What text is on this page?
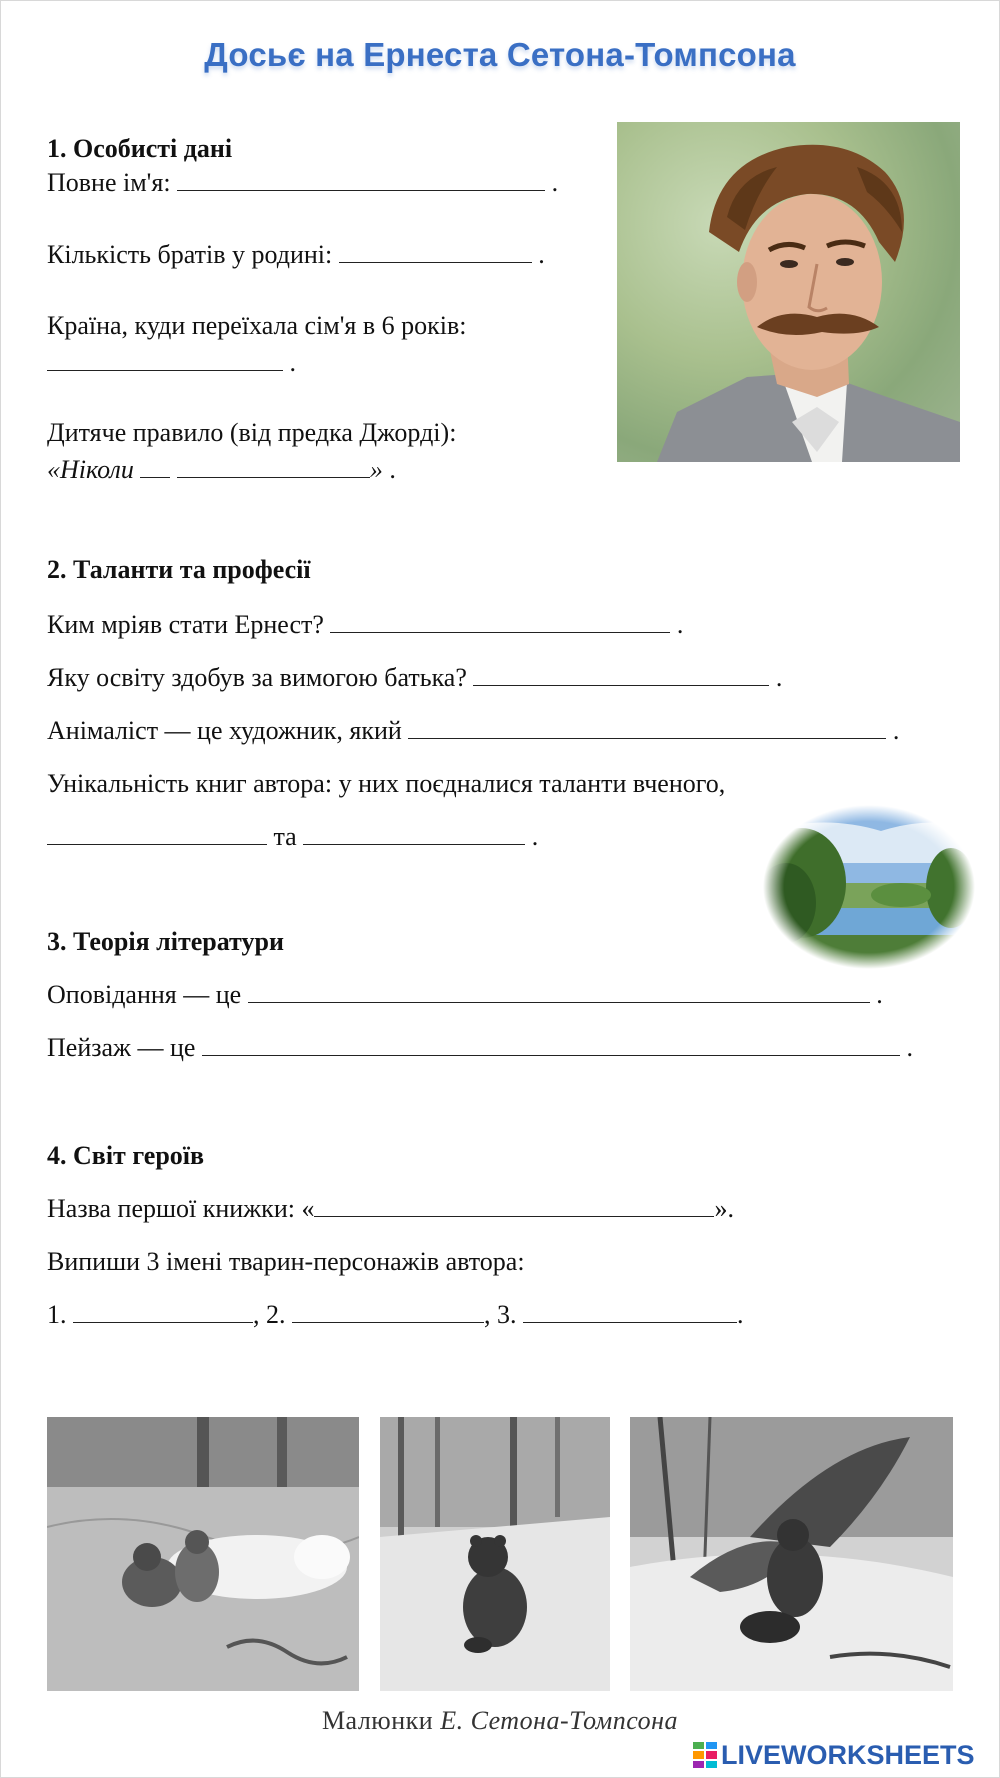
Досьє на Ернеста Сетона-Томпсона
1. Особисті дані
Повне ім'я:	.
Кількість братів у родині:	.
Країна, куди переїхала сім'я в 6 років:
.
Дитяче правило (від предка Джорді):
«Ніколи	» .
2. Таланти та професії
Ким мріяв стати Ернест?	.
Яку освіту здобув за вимогою батька?	.
Анімаліст — це художник, який	.
Унікальність книг автора: у них поєдналися таланти вченого,
та	.
3. Теорія літератури
Оповідання — це	.
Пейзаж — це	.
4. Світ героїв
Назва першої книжки: «	».
Випиши 3 імені тварин-персонажів автора:
1.	, 2.	, 3.	.
Малюнки Е. Сетона-Томпсона
LIVEWORKSHEETS
